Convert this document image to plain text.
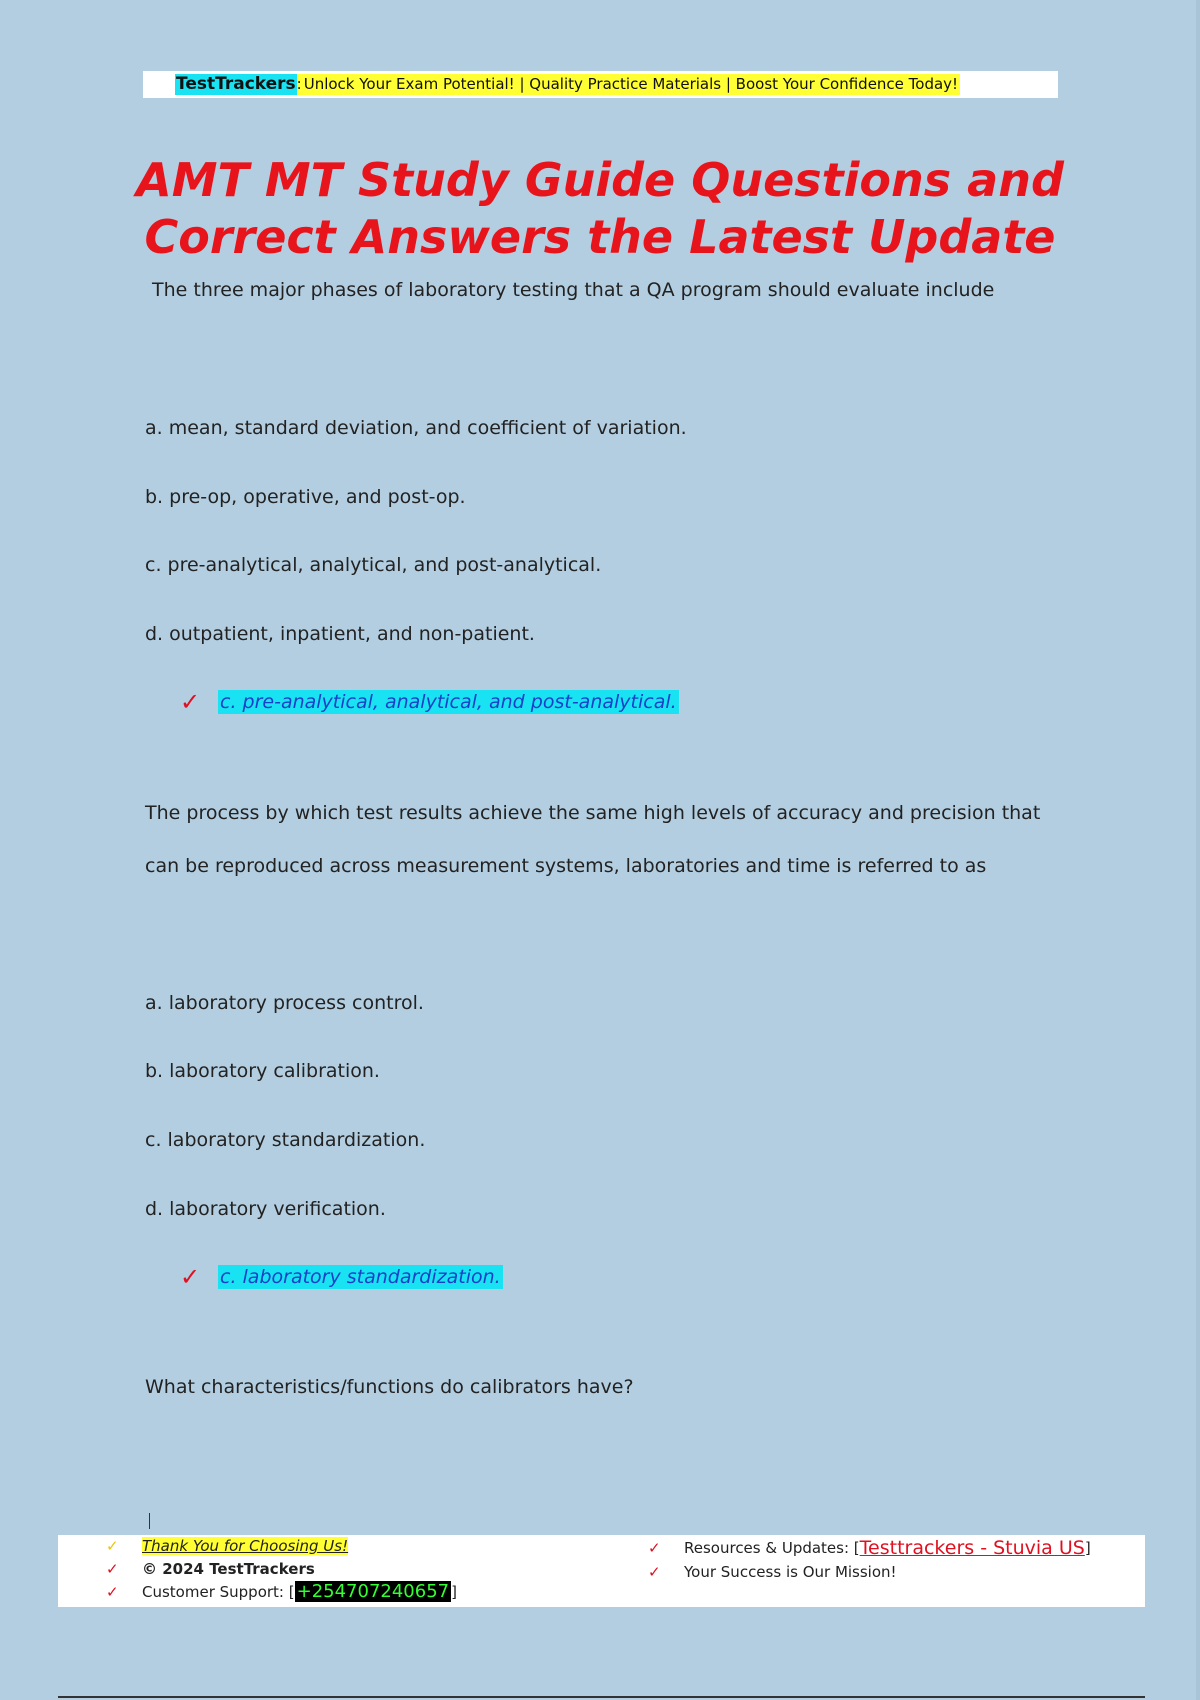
TestTrackers : Unlock Your Exam Potential! | Quality Practice Materials | Boost Your Confidence Today!
AMT MT Study Guide Questions and
Correct Answers the Latest Update
The three major phases of laboratory testing that a QA program should evaluate include
a. mean, standard deviation, and coefficient of variation.
b. pre-op, operative, and post-op.
c. pre-analytical, analytical, and post-analytical.
d. outpatient, inpatient, and non-patient.
✓	c. pre-analytical, analytical, and post-analytical.
The process by which test results achieve the same high levels of accuracy and precision that
can be reproduced across measurement systems, laboratories and time is referred to as
a. laboratory process control.
b. laboratory calibration.
c. laboratory standardization.
d. laboratory verification.
✓	c. laboratory standardization.
What characteristics/functions do calibrators have?
✓	Thank You for Choosing Us!
✓	© 2024 TestTrackers
✓	Customer Support: [ +254707240657 ]
✓	Resources & Updates: [ Testtrackers - Stuvia US ]
✓	Your Success is Our Mission!
